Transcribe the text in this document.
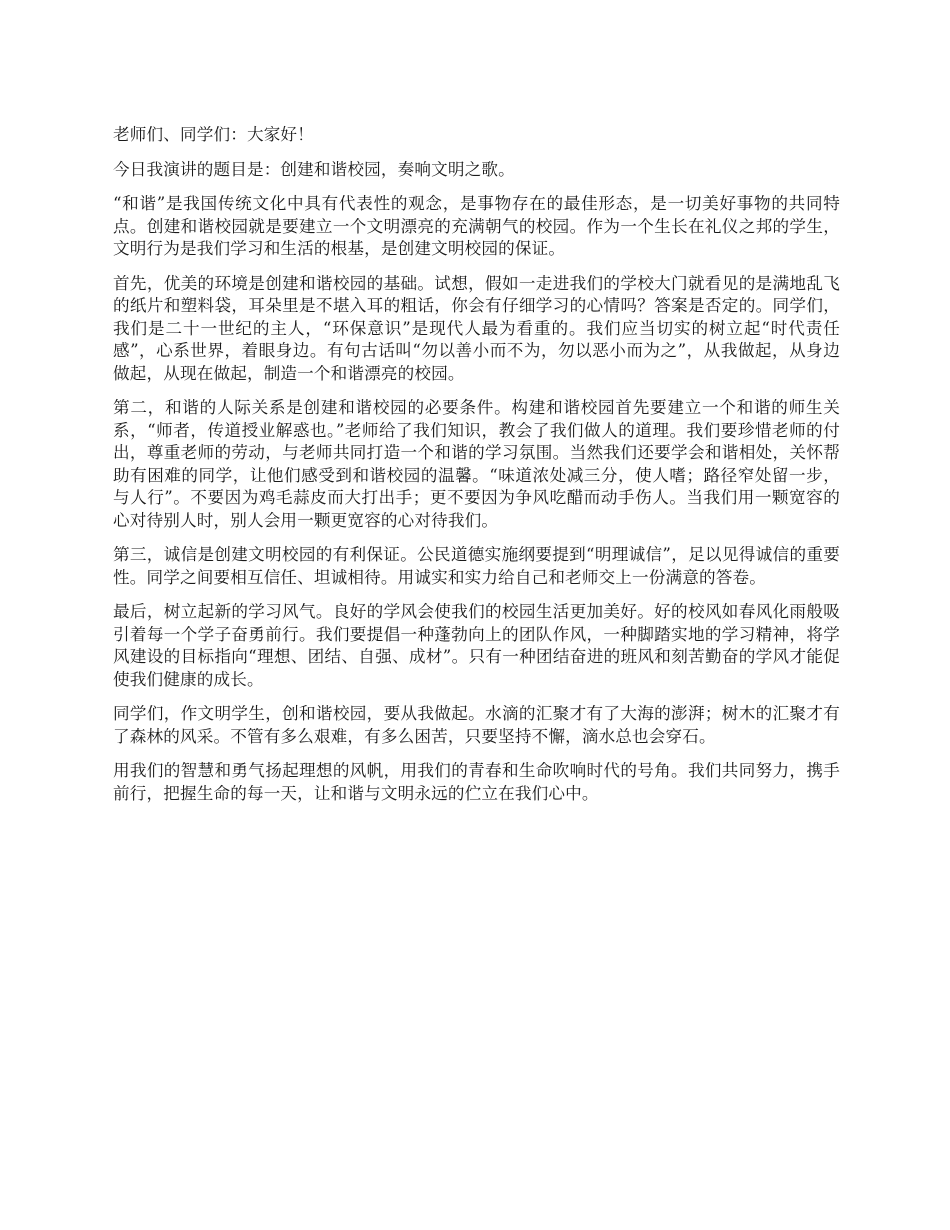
老师们、同学们：大家好！

今日我演讲的题目是：创建和谐校园，奏响文明之歌。

“和谐”是我国传统文化中具有代表性的观念，是事物存在的最佳形态，是一切美好事物的共同特点。创建和谐校园就是要建立一个文明漂亮的充满朝气的校园。作为一个生长在礼仪之邦的学生，文明行为是我们学习和生活的根基，是创建文明校园的保证。

首先，优美的环境是创建和谐校园的基础。试想，假如一走进我们的学校大门就看见的是满地乱飞的纸片和塑料袋，耳朵里是不堪入耳的粗话，你会有仔细学习的心情吗？答案是否定的。同学们，我们是二十一世纪的主人，“环保意识”是现代人最为看重的。我们应当切实的树立起“时代责任感”，心系世界，着眼身边。有句古话叫“勿以善小而不为，勿以恶小而为之”，从我做起，从身边做起，从现在做起，制造一个和谐漂亮的校园。

第二，和谐的人际关系是创建和谐校园的必要条件。构建和谐校园首先要建立一个和谐的师生关系，“师者，传道授业解惑也。”老师给了我们知识，教会了我们做人的道理。我们要珍惜老师的付出，尊重老师的劳动，与老师共同打造一个和谐的学习氛围。当然我们还要学会和谐相处，关怀帮助有困难的同学，让他们感受到和谐校园的温馨。“味道浓处减三分，使人嗜；路径窄处留一步，与人行”。不要因为鸡毛蒜皮而大打出手；更不要因为争风吃醋而动手伤人。当我们用一颗宽容的心对待别人时，别人会用一颗更宽容的心对待我们。

第三，诚信是创建文明校园的有利保证。公民道德实施纲要提到“明理诚信”，足以见得诚信的重要性。同学之间要相互信任、坦诚相待。用诚实和实力给自己和老师交上一份满意的答卷。

最后，树立起新的学习风气。良好的学风会使我们的校园生活更加美好。好的校风如春风化雨般吸引着每一个学子奋勇前行。我们要提倡一种蓬勃向上的团队作风，一种脚踏实地的学习精神，将学风建设的目标指向“理想、团结、自强、成材”。只有一种团结奋进的班风和刻苦勤奋的学风才能促使我们健康的成长。

同学们，作文明学生，创和谐校园，要从我做起。水滴的汇聚才有了大海的澎湃；树木的汇聚才有了森林的风采。不管有多么艰难，有多么困苦，只要坚持不懈，滴水总也会穿石。

用我们的智慧和勇气扬起理想的风帆，用我们的青春和生命吹响时代的号角。我们共同努力，携手前行，把握生命的每一天，让和谐与文明永远的伫立在我们心中。
